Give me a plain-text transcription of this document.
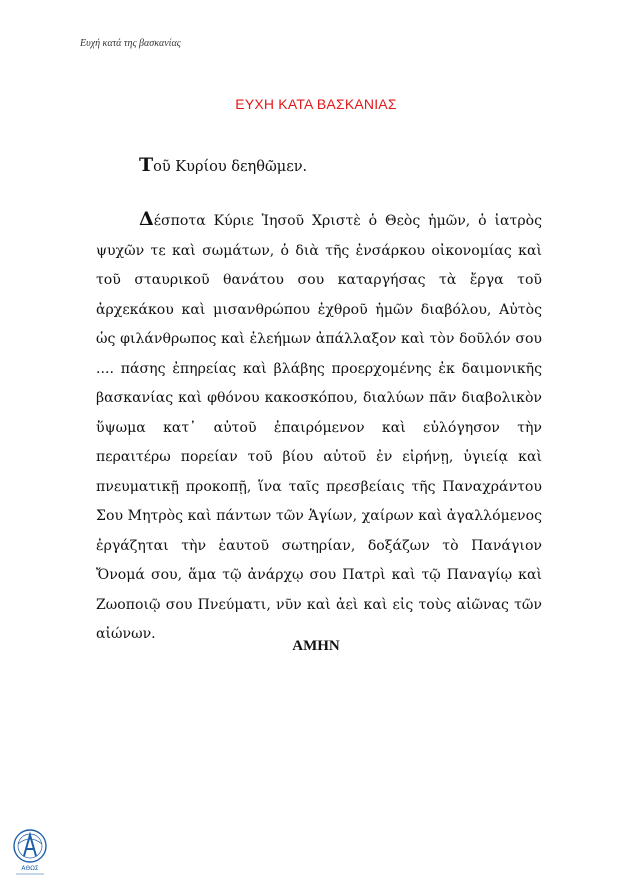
Ευχή κατά της βασκανίας
ΕΥΧΗ ΚΑΤΑ ΒΑΣΚΑΝΙΑΣ
Τοῦ Κυρίου δεηθῶμεν.

Δέσποτα Κύριε Ἰησοῦ Χριστὲ ὁ Θεὸς ἡμῶν, ὁ ἰατρὸς ψυχῶν τε καὶ σωμάτων, ὁ διὰ τῆς ἐνσάρκου οἰκονομίας καὶ τοῦ σταυρικοῦ θανάτου σου καταργήσας τὰ ἔργα τοῦ ἀρχεκάκου καὶ μισανθρώπου ἐχθροῦ ἡμῶν διαβόλου, Αὐτὸς ὡς φιλάνθρωπος καὶ ἐλεήμων ἀπάλλαξον καὶ τὸν δοῦλόν σου .... πάσης ἐπηρείας καὶ βλάβης προερχομένης ἐκ δαιμονικῆς βασκανίας καὶ φθόνου κακοσκόπου, διαλύων πᾶν διαβολικὸν ὕψωμα κατ᾽ αὐτοῦ ἐπαιρόμενον καὶ εὐλόγησον τὴν περαιτέρω πορείαν τοῦ βίου αὐτοῦ ἐν εἰρήνῃ, ὑγιείᾳ καὶ πνευματικῇ προκοπῇ, ἵνα ταῖς πρεσβείαις τῆς Παναχράντου Σου Μητρὸς καὶ πάντων τῶν Ἁγίων, χαίρων καὶ ἀγαλλόμενος ἐργάζηται τὴν ἑαυτοῦ σωτηρίαν, δοξάζων τὸ Πανάγιον Ὄνομά σου, ἅμα τῷ ἀνάρχῳ σου Πατρὶ καὶ τῷ Παναγίῳ καὶ Ζωοποιῷ σου Πνεύματι, νῦν καὶ ἀεὶ καὶ εἰς τοὺς αἰῶνας τῶν αἰώνων.

ΑΜΗΝ
ΑΘΩΣ
